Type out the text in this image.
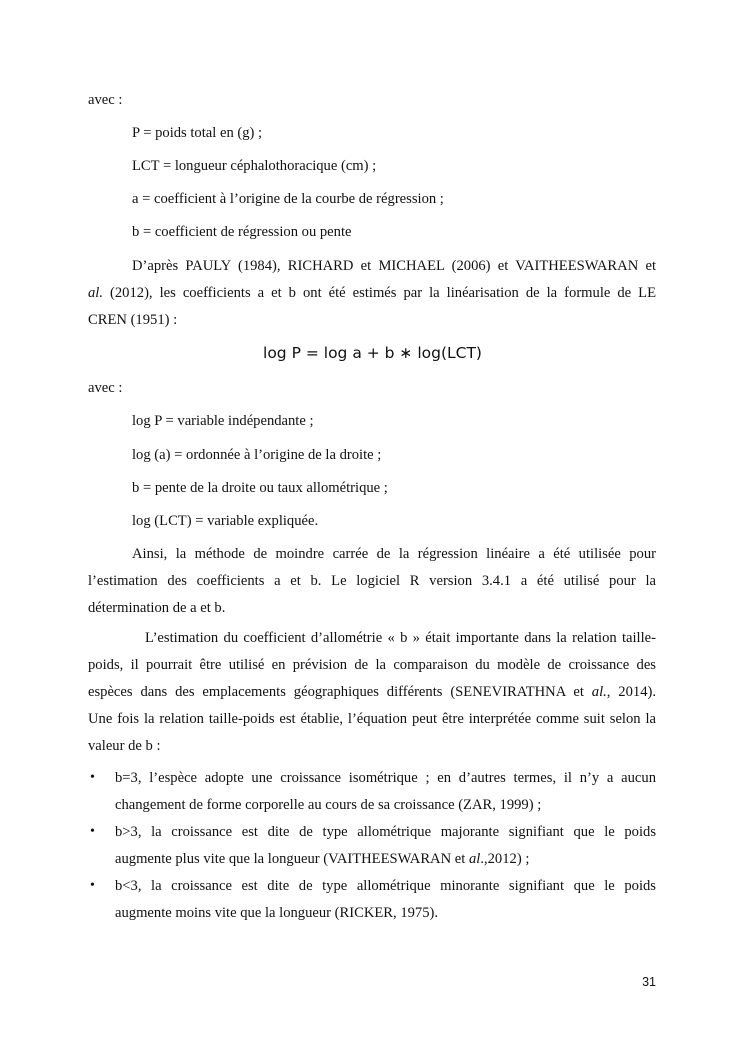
avec :
P = poids total en (g) ;
LCT = longueur céphalothoracique (cm) ;
a = coefficient à l’origine de la courbe de régression ;
b = coefficient de régression ou pente
D’après PAULY (1984), RICHARD et MICHAEL (2006) et VAITHEESWARAN et
al. (2012), les coefficients a et b ont été estimés par la linéarisation de la formule de LE
CREN (1951) :
log P = log a + b ∗ log(LCT)
avec :
log P = variable indépendante ;
log (a) = ordonnée à l’origine de la droite ;
b = pente de la droite ou taux allométrique ;
log (LCT) = variable expliquée.
Ainsi, la méthode de moindre carrée de la régression linéaire a été utilisée pour
l’estimation des coefficients a et b. Le logiciel R version 3.4.1 a été utilisé pour la
détermination de a et b.
L’estimation du coefficient d’allométrie « b » était importante dans la relation taille-
poids, il pourrait être utilisé en prévision de la comparaison du modèle de croissance des
espèces dans des emplacements géographiques différents (SENEVIRATHNA et al., 2014).
Une fois la relation taille-poids est établie, l’équation peut être interprétée comme suit selon la
valeur de b :
• b=3, l’espèce adopte une croissance isométrique ; en d’autres termes, il n’y a aucun
changement de forme corporelle au cours de sa croissance (ZAR, 1999) ;
• b>3, la croissance est dite de type allométrique majorante signifiant que le poids
augmente plus vite que la longueur (VAITHEESWARAN et al.,2012) ;
• b<3, la croissance est dite de type allométrique minorante signifiant que le poids
augmente moins vite que la longueur (RICKER, 1975).
31
